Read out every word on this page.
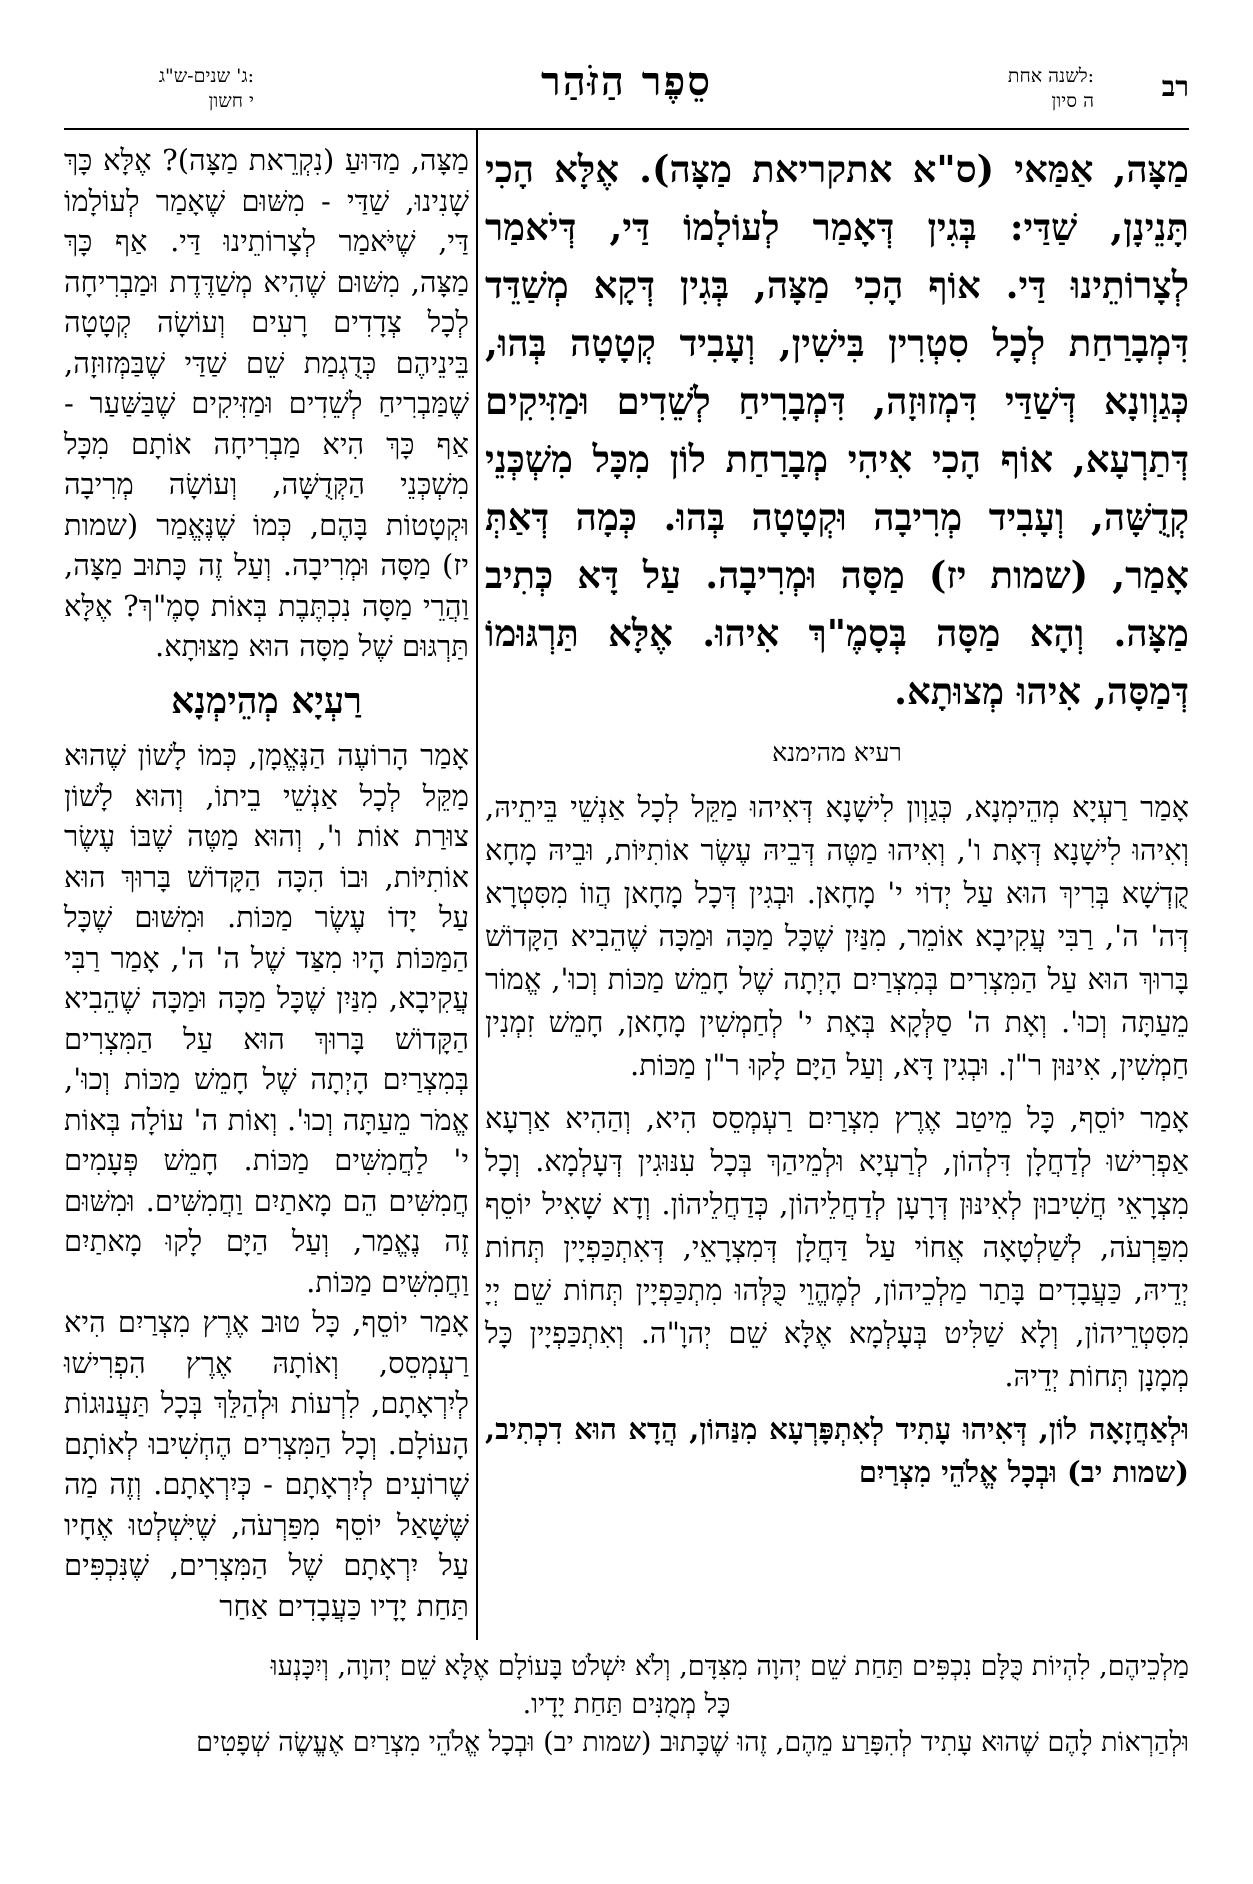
רב
לשנה אחת:
ה סיון
סֵפֶר הַזֹּהַר
ג' שנים-ש"ג:
י חשון

מַצָּה, אַמַּאי (ס"א אתקריאת מַצָּה). אֶלָּא הָכִי תָּנֵינָן, שַׁדַּי: בְּגִין דְּאָמַר לְעוֹלָמוֹ דַּי, דְּיֹאמַר לְצָרוֹתֵינוּ דַּי. אוֹף הָכִי מַצָּה, בְּגִין דְּקָא מְשַׁדֵּד דִּמְבָרַחַת לְכָל סִטְרִין בִּישִׁין, וְעָבִיד קְטָטָה בְּהוּ, כְּגַוְונָא דְּשַׁדַּי דִּמְזוּזָה, דִּמְבָרִיחַ לְשֵׁדִים וּמַזִּיקִים דְּתַרְעָא, אוֹף הָכִי אִיהִי מְבָרַחַת לוֹן מִכָּל מִשְׁכְּנֵי קְדֻשָּׁה, וְעָבִיד מְרִיבָה וּקְטָטָה בְּהוּ. כְּמָה דְּאַתְּ אָמַר, (שמות יז) מַסָּה וּמְרִיבָה. עַל דָּא כְּתִיב מַצָּה. וְהָא מַסָּה בְּסָמֶ"ךְ אִיהוּ. אֶלָּא תַּרְגּוּמוֹ דְּמַסָּה, אִיהוּ מְצוּתָא.

רעיא מהימנא

אָמַר רַעְיָא מְהֵימְנָא, כְּגַוְון לִישָׁנָא דְּאִיהוּ מַקֵּל לְכָל אַנְשֵׁי בֵּיתֵיהּ, וְאִיהוּ לִישָׁנָא דְּאָת ו', וְאִיהוּ מַטֶּה דְּבֵיהּ עֶשֶׂר אוֹתִיּוֹת, וּבֵיהּ מָחָא קֻדְשָׁא בְּרִיךְ הוּא עַל יְדוֹי י' מָחָאן. וּבְגִין דְּכָל מָחָאן הֲווֹ מִסִּטְרָא דְּה' ה', רַבִּי עֲקִיבָא אוֹמֵר, מִנַּיִן שֶׁכָּל מַכָּה וּמַכָּה שֶׁהֵבִיא הַקָּדוֹשׁ בָּרוּךְ הוּא עַל הַמִּצְרִים בְּמִצְרַיִם הָיְתָה שֶׁל חָמֵשׁ מַכּוֹת וְכוּ', אֱמוֹר מֵעַתָּה וְכוּ'. וְאָת ה' סַלְּקָא בְּאָת י' לְחַמְשִׁין מָחָאן, חָמֵשׁ זִמְנִין חַמְשִׁין, אִינּוּן ר"ן. וּבְגִין דָּא, וְעַל הַיָּם לָקוּ ר"ן מַכּוֹת.

אָמַר יוֹסֵף, כָּל מֵיטַב אֶרֶץ מִצְרַיִם רַעְמְסֵס הִיא, וְהַהִיא אַרְעָא אַפְרִישׁוּ לְדַחֲלָן דִּלְהוֹן, לְרַעְיָא וּלְמֵיהַךְ בְּכָל עִנּוּגִין דְּעָלְמָא. וְכָל מִצְרָאֵי חֲשִׁיבוּן לְאִינּוּן דְּרָעָן לְדַחֲלֵיהוֹן, כְּדַחֲלֵיהוֹן. וְדָא שָׁאִיל יוֹסֵף מִפַּרְעֹה, לְשַׁלְטָאָה אֲחוֹי עַל דַּחֲלָן דְּמִצְרָאֵי, דְּאִתְכַּפְיָין תְּחוֹת יְדֵיהּ, כַּעֲבָדִים בָּתַר מַלְכֵיהוֹן, לְמֶהֱוֵי כֻּלְּהוּ מִתְכַּפְיָין תְּחוֹת שֵׁם יְיָ מִסִּטְרֵיהוֹן, וְלָא שַׁלִּיט בְּעָלְמָא אֶלָּא שֵׁם יְהוָ"ה. וְאִתְכַּפְיָין כָּל מְמָנָן תְּחוֹת יְדֵיהּ.

וּלְאַחֲזָאָה לוֹן, דְּאִיהוּ עָתִיד לְאִתְפָּרְעָא מִנַּהוֹן, הֲדָא הוּא דִכְתִיב, (שמות יב) וּבְכָל אֱלֹהֵי מִצְרַיִם

מַצָּה, מַדּוּעַ (נִקְרֵאת מַצָּה)? אֶלָּא כָּךְ שָׁנִינוּ, שַׁדַּי - מִשּׁוּם שֶׁאָמַר לְעוֹלָמוֹ דַּי, שֶׁיֹּאמַר לְצָרוֹתֵינוּ דַּי. אַף כָּךְ מַצָּה, מִשּׁוּם שֶׁהִיא מְשַׁדֶּדֶת וּמַבְרִיחָה לְכָל צְדָדִים רָעִים וְעוֹשָׂה קְטָטָה בֵּינֵיהֶם כְּדֻגְמַת שֵׁם שַׁדַּי שֶׁבַּמְּזוּזָה, שֶׁמַּבְרִיחַ לְשֵׁדִים וּמַזִּיקִים שֶׁבַּשַּׁעַר - אַף כָּךְ הִיא מַבְרִיחָה אוֹתָם מִכָּל מִשְׁכְּנֵי הַקְּדֻשָּׁה, וְעוֹשָׂה מְרִיבָה וּקְטָטוֹת בָּהֶם, כְּמוֹ שֶׁנֶּאֱמַר (שמות יז) מַסָּה וּמְרִיבָה. וְעַל זֶה כָּתוּב מַצָּה, וַהֲרֵי מַסָּה נִכְתֶּבֶת בְּאוֹת סָמֶ"ךְ? אֶלָּא תַּרְגּוּם שֶׁל מַסָּה הוּא מַצּוּתָא.

רַעְיָא מְהֵימְנָא

אָמַר הָרוֹעֶה הַנֶּאֱמָן, כְּמוֹ לָשׁוֹן שֶׁהוּא מַקֵּל לְכָל אַנְשֵׁי בֵיתוֹ, וְהוּא לָשׁוֹן צוּרַת אוֹת ו', וְהוּא מַטֶּה שֶׁבּוֹ עֶשֶׂר אוֹתִיּוֹת, וּבוֹ הִכָּה הַקָּדוֹשׁ בָּרוּךְ הוּא עַל יָדוֹ עֶשֶׂר מַכּוֹת. וּמִשּׁוּם שֶׁכָּל הַמַּכּוֹת הָיוּ מִצַּד שֶׁל ה' ה', אָמַר רַבִּי עֲקִיבָא, מִנַּיִן שֶׁכָּל מַכָּה וּמַכָּה שֶׁהֵבִיא הַקָּדוֹשׁ בָּרוּךְ הוּא עַל הַמִּצְרִים בְּמִצְרַיִם הָיְתָה שֶׁל חָמֵשׁ מַכּוֹת וְכוּ', אֱמֹר מֵעַתָּה וְכוּ'. וְאוֹת ה' עוֹלָה בְּאוֹת י' לַחֲמִשִּׁים מַכּוֹת. חָמֵשׁ פְּעָמִים חֲמִשִּׁים הֵם מָאתַיִם וַחֲמִשִּׁים. וּמִשּׁוּם זֶה נֶאֱמַר, וְעַל הַיָּם לָקוּ מָאתַיִם וַחֲמִשִּׁים מַכּוֹת.

אָמַר יוֹסֵף, כָּל טוּב אֶרֶץ מִצְרַיִם הִיא רַעְמְסֵס, וְאוֹתָהּ אֶרֶץ הִפְרִישׁוּ לְיִרְאָתָם, לִרְעוֹת וּלְהַלֵּךְ בְּכָל תַּעֲנוּגוֹת הָעוֹלָם. וְכָל הַמִּצְרִים הֶחְשִׁיבוּ לְאוֹתָם שֶׁרוֹעִים לְיִרְאָתָם - כְּיִרְאָתָם. וְזֶה מַה שֶּׁשָּׁאַל יוֹסֵף מִפַּרְעֹה, שֶׁיִּשְׁלְטוּ אֶחָיו עַל יִרְאָתָם שֶׁל הַמִּצְרִים, שֶׁנִּכְפִּים תַּחַת יָדָיו כַּעֲבָדִים אַחַר

מַלְכֵיהֶם, לִהְיוֹת כֻּלָּם נִכְפִּים תַּחַת שֵׁם יְהוָה מִצִּדָּם, וְלֹא יִשְׁלֹט בָּעוֹלָם אֶלָּא שֵׁם יְהוָה, וְיִכָּנְעוּ

כָּל מְמֻנִּים תַּחַת יָדָיו.

וּלְהַרְאוֹת לָהֶם שֶׁהוּא עָתִיד לְהִפָּרַע מֵהֶם, זֶהוּ שֶׁכָּתוּב (שמות יב) וּבְכָל אֱלֹהֵי מִצְרַיִם אֶעֱשֶׂה שְׁפָטִים
